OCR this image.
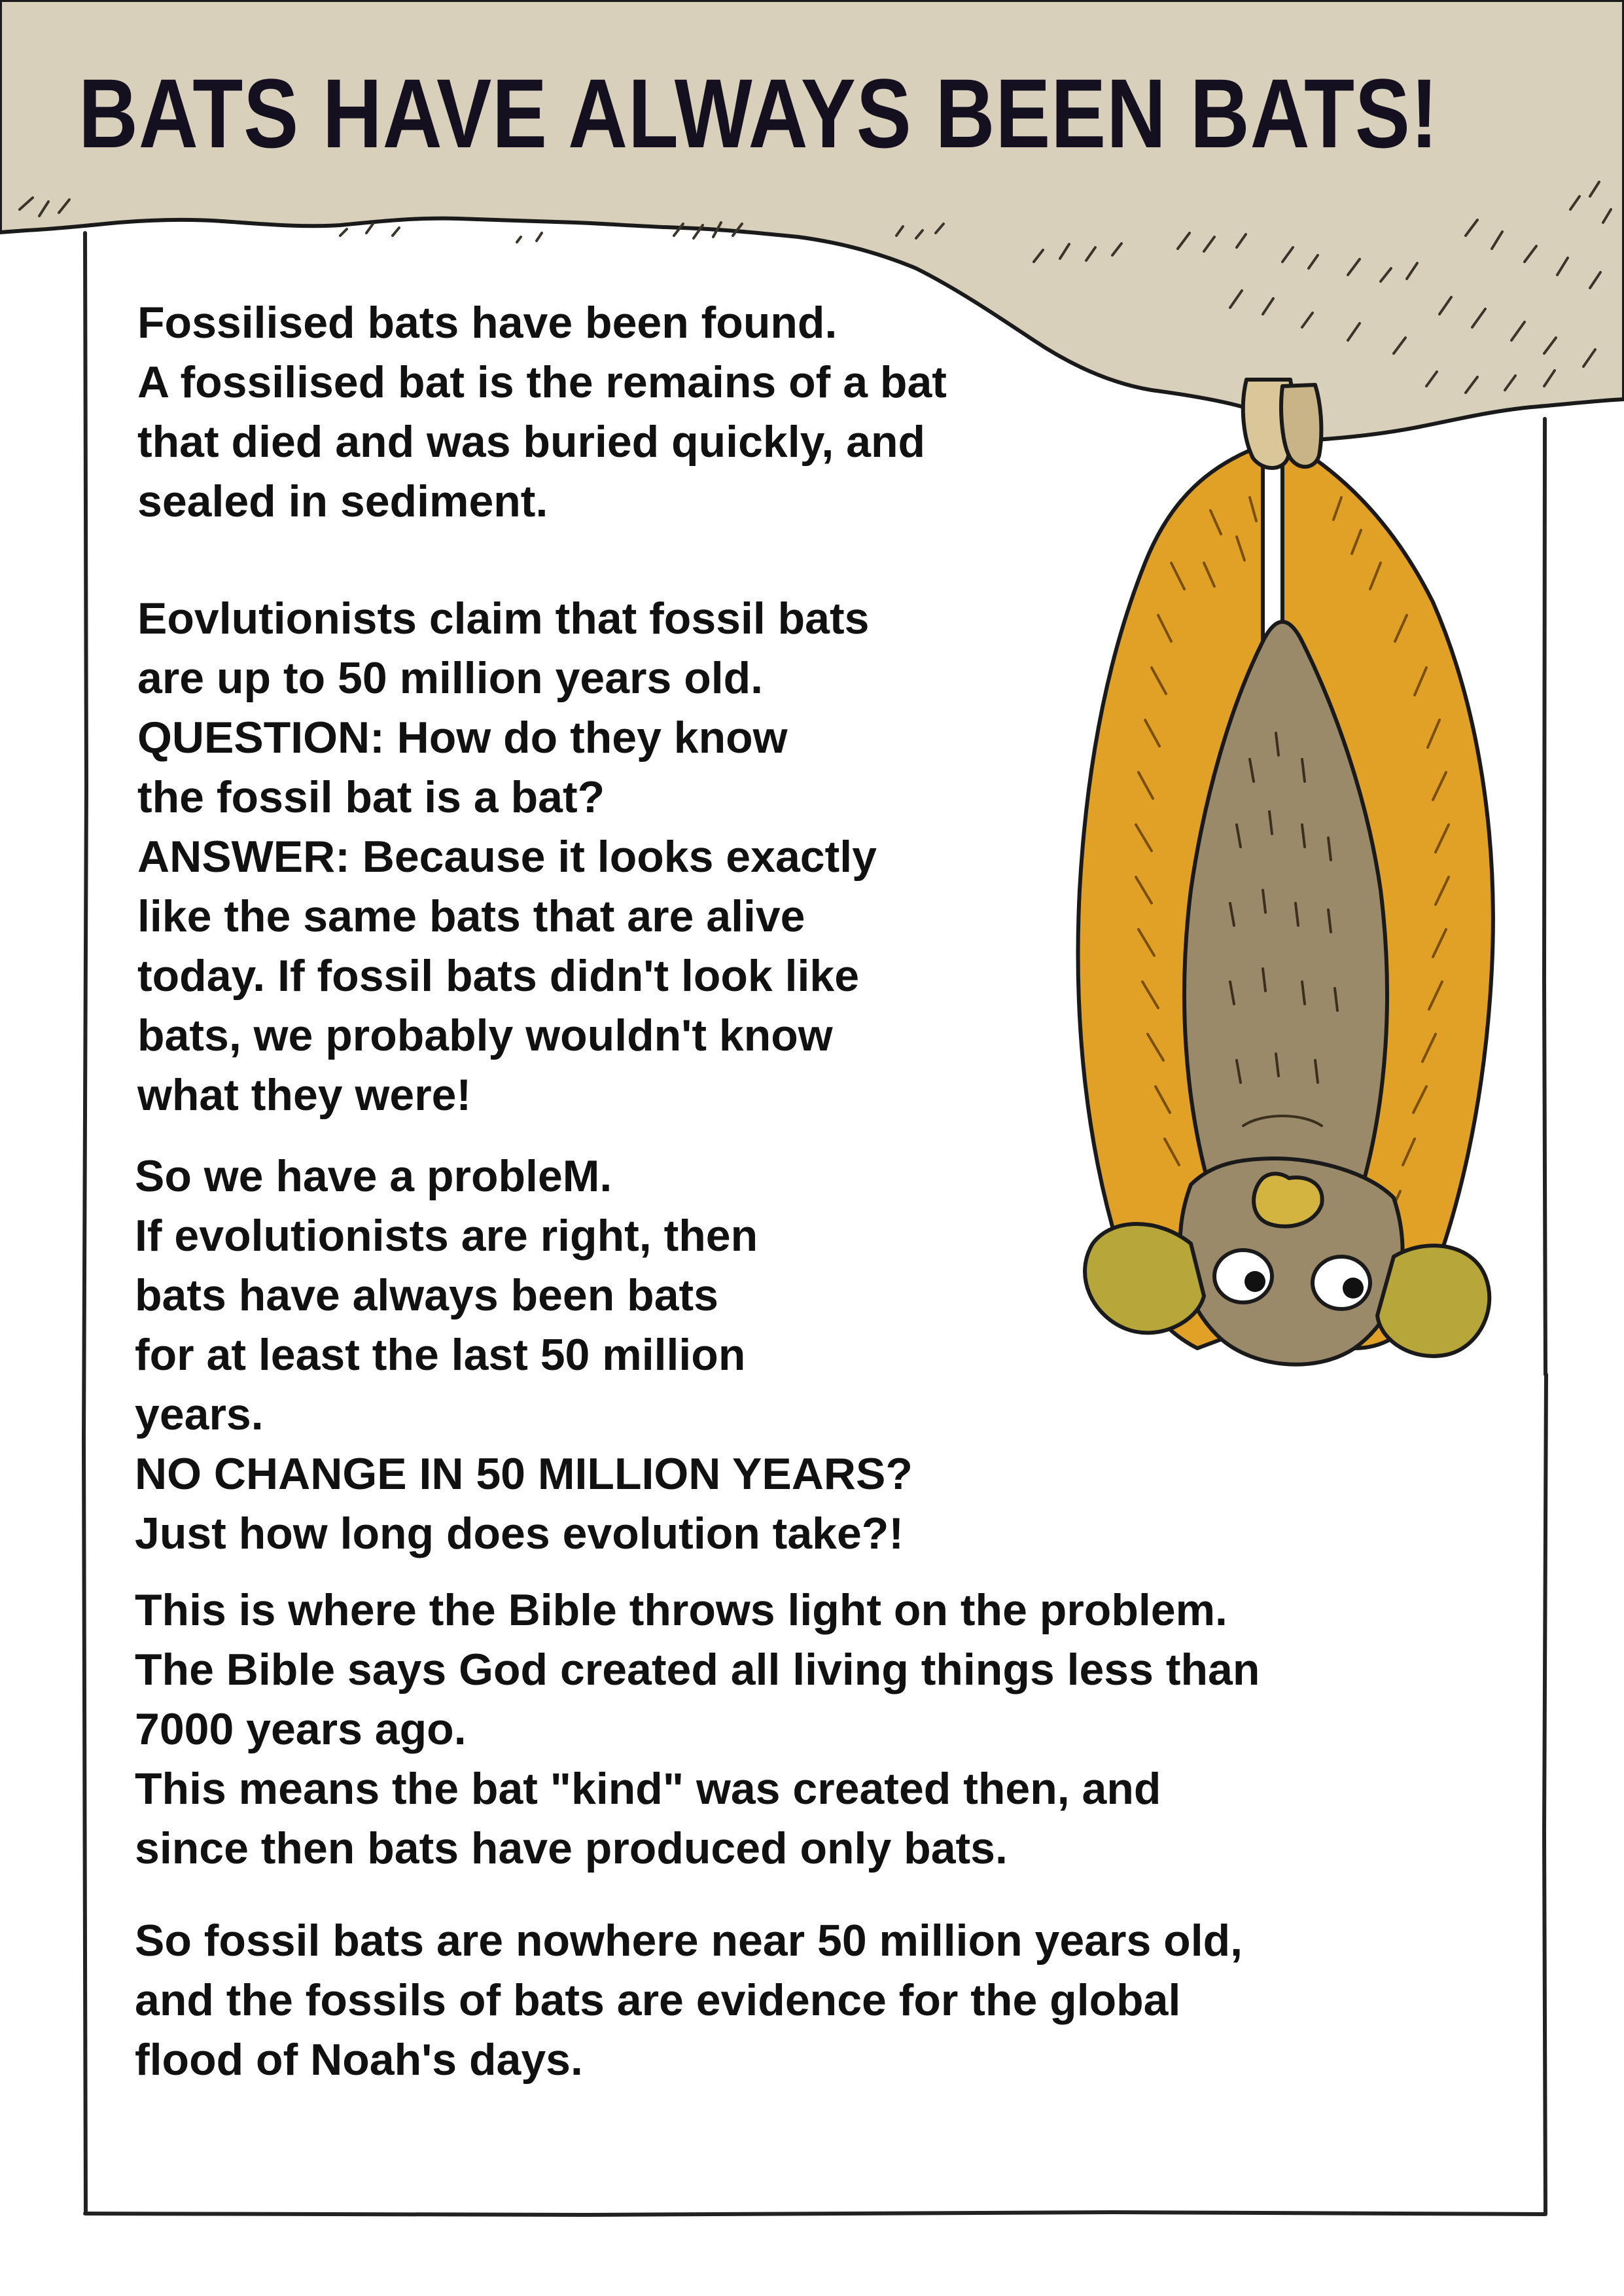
BATS HAVE ALWAYS BEEN BATS!
Fossilised bats have been found.
A fossilised bat is the remains of a bat
that died and was buried quickly, and
sealed in sediment.
Eovlutionists claim that fossil bats
are up to 50 million years old.
QUESTION: How do they know
the fossil bat is a bat?
ANSWER: Because it looks exactly
like the same bats that are alive
today. If fossil bats didn't look like
bats, we probably wouldn't know
what they were!
So we have a probleM.
If evolutionists are right, then
bats have always been bats
for at least the last 50 million
years.
NO CHANGE IN 50 MILLION YEARS?
Just how long does evolution take?!
This is where the Bible throws light on the problem.
The Bible says God created all living things less than
7000 years ago.
This means the bat "kind" was created then, and
since then bats have produced only bats.
So fossil bats are nowhere near 50 million years old,
and the fossils of bats are evidence for the global
flood of Noah's days.
